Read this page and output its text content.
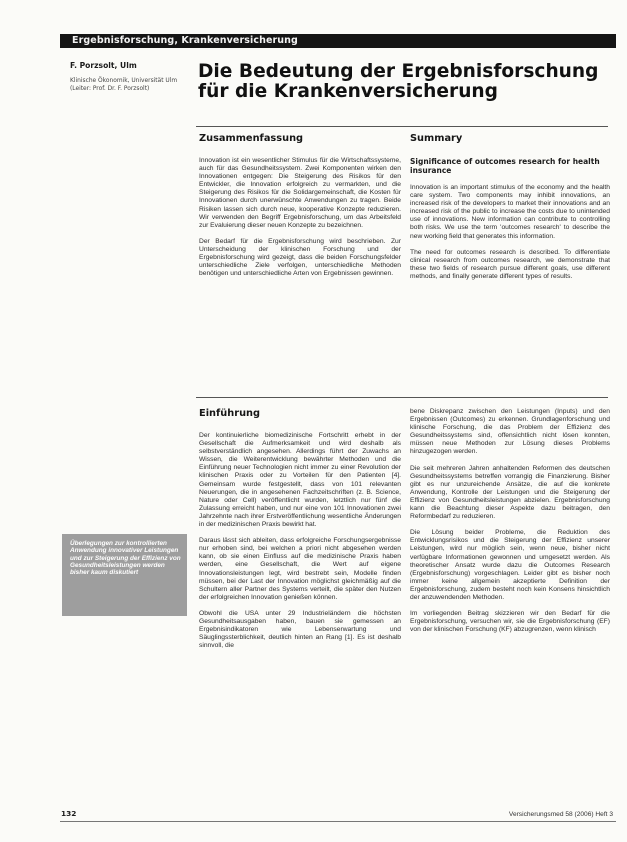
Ergebnisforschung, Krankenversicherung
F. Porzsolt, Ulm
Klinische Ökonomik, Universität Ulm (Leiter: Prof. Dr. F. Porzsolt)
Die Bedeutung der Ergebnisforschung
für die Krankenversicherung
Zusammenfassung

Innovation ist ein wesentlicher Stimulus für die Wirtschaftssysteme, auch für das Gesundheitssystem. Zwei Komponenten wirken den Innovationen entgegen: Die Steigerung des Risikos für den Entwickler, die Innovation erfolgreich zu vermarkten, und die Steigerung des Risikos für die Solidargemeinschaft, die Kosten für Innovationen durch unerwünschte Anwendungen zu tragen. Beide Risiken lassen sich durch neue, kooperative Konzepte reduzieren. Wir verwenden den Begriff Ergebnisforschung, um das Arbeitsfeld zur Evaluierung dieser neuen Konzepte zu bezeichnen.

Der Bedarf für die Ergebnisforschung wird beschrieben. Zur Unterscheidung der klinischen Forschung und der Ergebnisforschung wird gezeigt, dass die beiden Forschungsfelder unterschiedliche Ziele verfolgen, unterschiedliche Methoden benötigen und unterschiedliche Arten von Ergebnissen gewinnen.

Summary
Significance of outcomes research for health insurance

Innovation is an important stimulus of the economy and the health care system. Two components may inhibit innovations, an increased risk of the developers to market their innovations and an increased risk of the public to increase the costs due to unintended use of innovations. New information can contribute to controlling both risks. We use the term 'outcomes research' to describe the new working field that generates this information.

The need for outcomes research is described. To differentiate clinical research from outcomes research, we demonstrate that these two fields of research pursue different goals, use different methods, and finally generate different types of results.

Einführung

Der kontinuierliche biomedizinische Fortschritt erhebt in der Gesellschaft die Aufmerksamkeit und wird deshalb als selbstverständlich angesehen. Allerdings führt der Zuwachs an Wissen, die Weiterentwicklung bewährter Methoden und die Einführung neuer Technologien nicht immer zu einer Revolution der klinischen Praxis oder zu Vorteilen für den Patienten [4]. Gemeinsam wurde festgestellt, dass von 101 relevanten Neuerungen, die in angesehenen Fachzeitschriften (z. B. Science, Nature oder Cell) veröffentlicht wurden, letztlich nur fünf die Zulassung erreicht haben, und nur eine von 101 Innovationen zwei Jahrzehnte nach ihrer Erstveröffentlichung wesentliche Änderungen in der medizinischen Praxis bewirkt hat.

Daraus lässt sich ableiten, dass erfolgreiche Forschungsergebnisse nur erhoben sind, bei welchen a priori nicht abgesehen werden kann, ob sie einen Einfluss auf die medizinische Praxis haben werden, eine Gesellschaft, die Wert auf eigene Innovationsleistungen legt, wird bestrebt sein, Modelle finden müssen, bei der Last der Innovation möglichst gleichmäßig auf die Schultern aller Partner des Systems verteilt, die später den Nutzen der erfolgreichen Innovation genießen können.

Obwohl die USA unter 29 Industrieländern die höchsten Gesundheitsausgaben haben, bauen sie gemessen an Ergebnisindikatoren wie Lebenserwartung und Säuglingssterblichkeit, deutlich hinten an Rang [1]. Es ist deshalb sinnvoll, die

bene Diskrepanz zwischen den Leistungen (Inputs) und den Ergebnissen (Outcomes) zu erkennen. Grundlagenforschung und klinische Forschung, die das Problem der Effizienz des Gesundheitssystems sind, offensichtlich nicht lösen konnten, müssen neue Methoden zur Lösung dieses Problems hinzugezogen werden.

Die seit mehreren Jahren anhaltenden Reformen des deutschen Gesundheitssystems betreffen vorrangig die Finanzierung. Bisher gibt es nur unzureichende Ansätze, die auf die konkrete Anwendung, Kontrolle der Leistungen und die Steigerung der Effizienz von Gesundheitsleistungen abzielen. Ergebnisforschung kann die Beachtung dieser Aspekte dazu beitragen, den Reformbedarf zu reduzieren.

Die Lösung beider Probleme, die Reduktion des Entwicklungsrisikos und die Steigerung der Effizienz unserer Leistungen, wird nur möglich sein, wenn neue, bisher nicht verfügbare Informationen gewonnen und umgesetzt werden. Als theoretischer Ansatz wurde dazu die Outcomes Research (Ergebnisforschung) vorgeschlagen. Leider gibt es bisher noch immer keine allgemein akzeptierte Definition der Ergebnisforschung, zudem besteht noch kein Konsens hinsichtlich der anzuwendenden Methoden.

Im vorliegenden Beitrag skizzieren wir den Bedarf für die Ergebnisforschung, versuchen wir, sie die Ergebnisforschung (EF) von der klinischen Forschung (KF) abzugrenzen, wenn klinisch

Überlegungen zur kontrollierten Anwendung innovativer Leistungen und zur Steigerung der Effizienz von Gesundheitsleistungen werden bisher kaum diskutiert
132	Versicherungsmed 58 (2006) Heft 3
